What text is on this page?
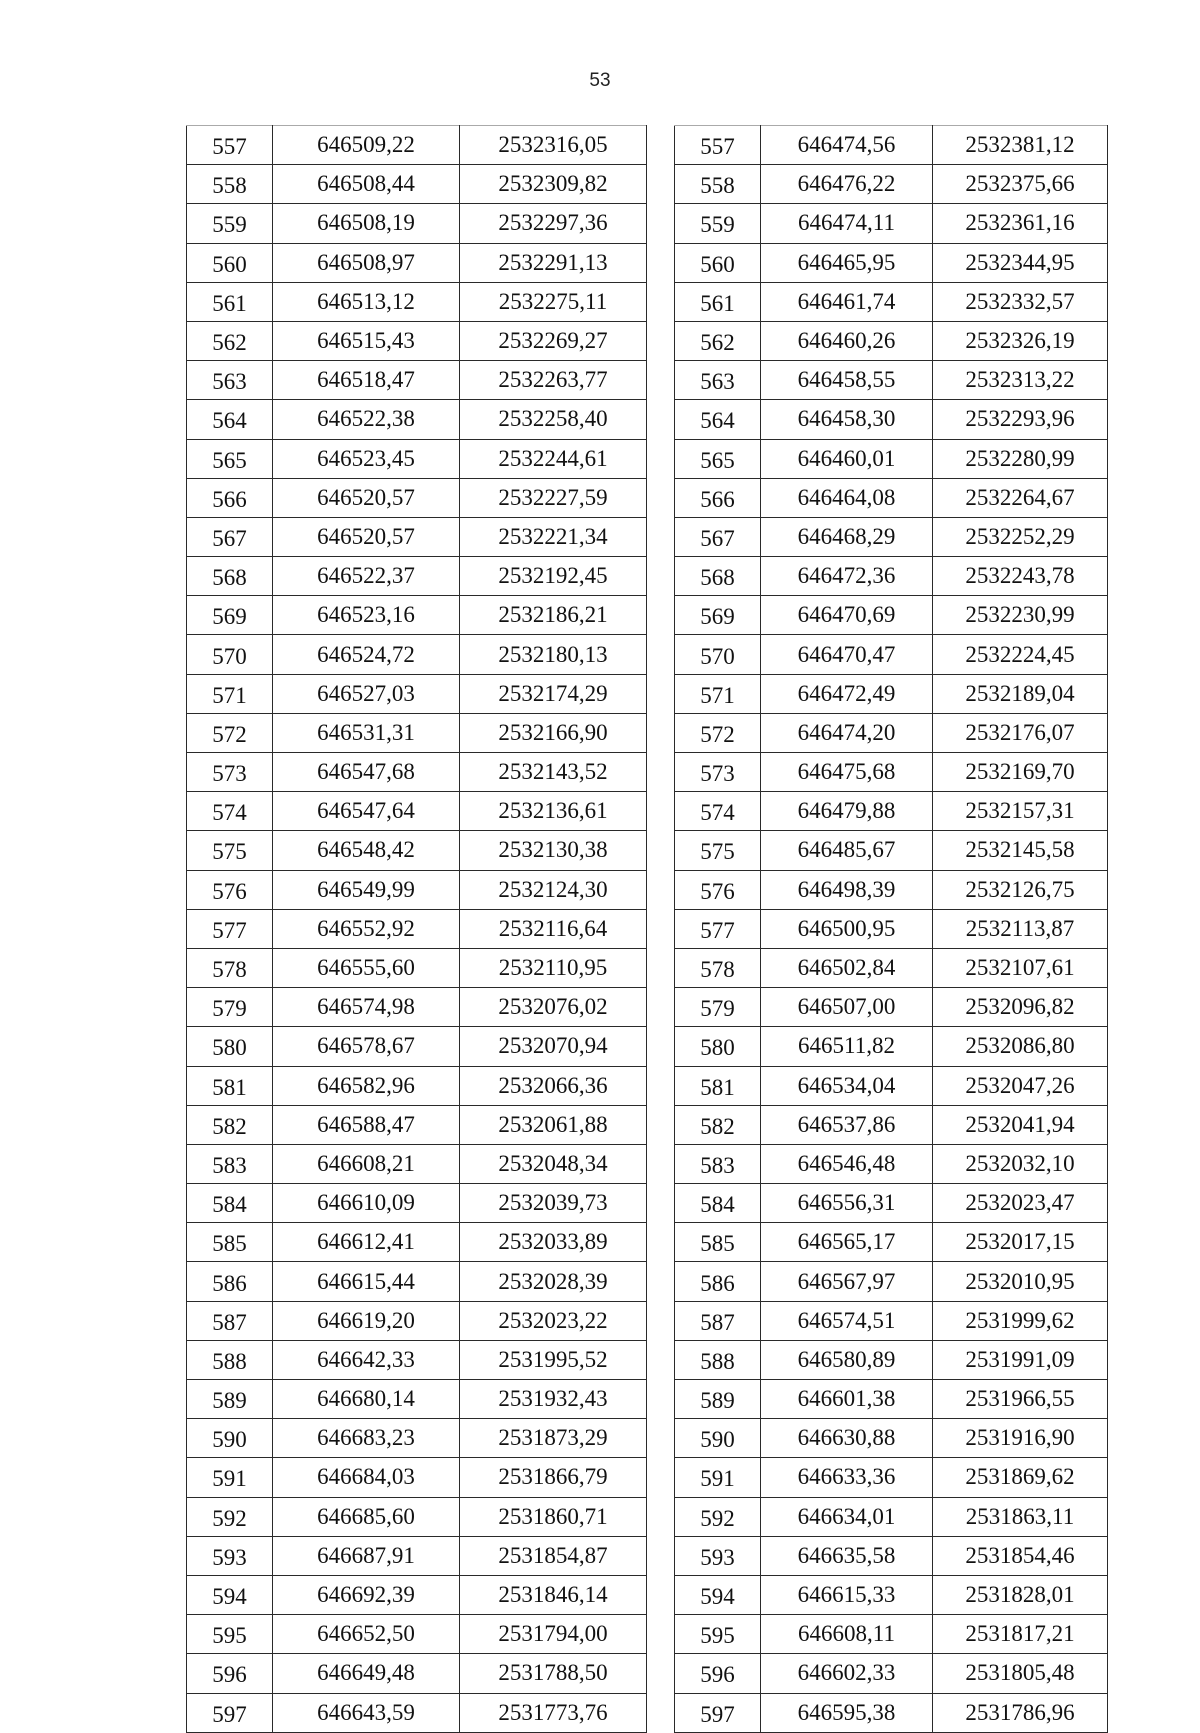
53
557	646509,22	2532316,05
558	646508,44	2532309,82
559	646508,19	2532297,36
560	646508,97	2532291,13
561	646513,12	2532275,11
562	646515,43	2532269,27
563	646518,47	2532263,77
564	646522,38	2532258,40
565	646523,45	2532244,61
566	646520,57	2532227,59
567	646520,57	2532221,34
568	646522,37	2532192,45
569	646523,16	2532186,21
570	646524,72	2532180,13
571	646527,03	2532174,29
572	646531,31	2532166,90
573	646547,68	2532143,52
574	646547,64	2532136,61
575	646548,42	2532130,38
576	646549,99	2532124,30
577	646552,92	2532116,64
578	646555,60	2532110,95
579	646574,98	2532076,02
580	646578,67	2532070,94
581	646582,96	2532066,36
582	646588,47	2532061,88
583	646608,21	2532048,34
584	646610,09	2532039,73
585	646612,41	2532033,89
586	646615,44	2532028,39
587	646619,20	2532023,22
588	646642,33	2531995,52
589	646680,14	2531932,43
590	646683,23	2531873,29
591	646684,03	2531866,79
592	646685,60	2531860,71
593	646687,91	2531854,87
594	646692,39	2531846,14
595	646652,50	2531794,00
596	646649,48	2531788,50
597	646643,59	2531773,76
557	646474,56	2532381,12
558	646476,22	2532375,66
559	646474,11	2532361,16
560	646465,95	2532344,95
561	646461,74	2532332,57
562	646460,26	2532326,19
563	646458,55	2532313,22
564	646458,30	2532293,96
565	646460,01	2532280,99
566	646464,08	2532264,67
567	646468,29	2532252,29
568	646472,36	2532243,78
569	646470,69	2532230,99
570	646470,47	2532224,45
571	646472,49	2532189,04
572	646474,20	2532176,07
573	646475,68	2532169,70
574	646479,88	2532157,31
575	646485,67	2532145,58
576	646498,39	2532126,75
577	646500,95	2532113,87
578	646502,84	2532107,61
579	646507,00	2532096,82
580	646511,82	2532086,80
581	646534,04	2532047,26
582	646537,86	2532041,94
583	646546,48	2532032,10
584	646556,31	2532023,47
585	646565,17	2532017,15
586	646567,97	2532010,95
587	646574,51	2531999,62
588	646580,89	2531991,09
589	646601,38	2531966,55
590	646630,88	2531916,90
591	646633,36	2531869,62
592	646634,01	2531863,11
593	646635,58	2531854,46
594	646615,33	2531828,01
595	646608,11	2531817,21
596	646602,33	2531805,48
597	646595,38	2531786,96
